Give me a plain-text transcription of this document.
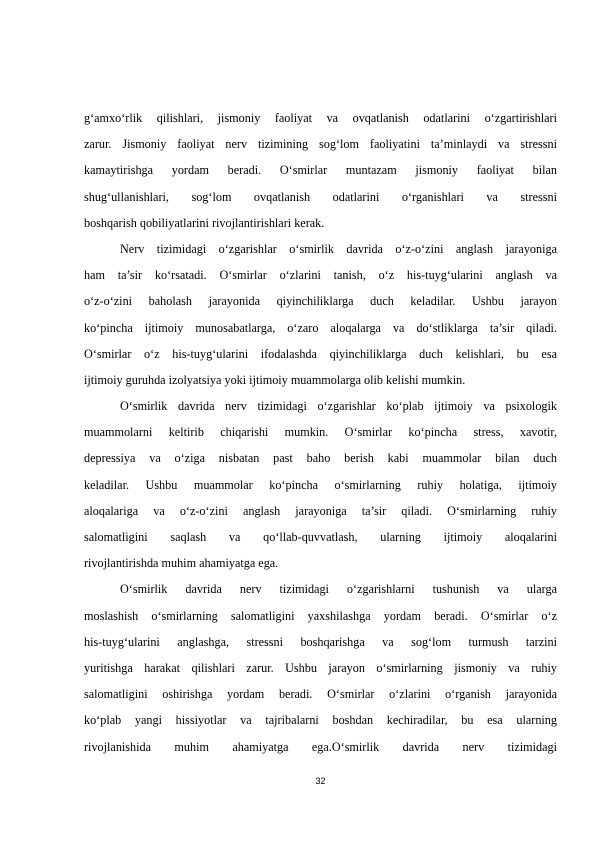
g‘amxo‘rlik qilishlari, jismoniy faoliyat va ovqatlanish odatlarini o‘zgartirishlari
zarur. Jismoniy faoliyat nerv tizimining sog‘lom faoliyatini ta’minlaydi va stressni
kamaytirishga yordam beradi. O‘smirlar muntazam jismoniy faoliyat bilan
shug‘ullanishlari, sog‘lom ovqatlanish odatlarini o‘rganishlari va stressni
boshqarish qobiliyatlarini rivojlantirishlari kerak.
Nerv tizimidagi o‘zgarishlar o‘smirlik davrida o‘z-o‘zini anglash jarayoniga
ham ta’sir ko‘rsatadi. O‘smirlar o‘zlarini tanish, o‘z his-tuyg‘ularini anglash va
o‘z-o‘zini baholash jarayonida qiyinchiliklarga duch keladilar. Ushbu jarayon
ko‘pincha ijtimoiy munosabatlarga, o‘zaro aloqalarga va do‘stliklarga ta’sir qiladi.
O‘smirlar o‘z his-tuyg‘ularini ifodalashda qiyinchiliklarga duch kelishlari, bu esa
ijtimoiy guruhda izolyatsiya yoki ijtimoiy muammolarga olib kelishi mumkin.
O‘smirlik davrida nerv tizimidagi o‘zgarishlar ko‘plab ijtimoiy va psixologik
muammolarni keltirib chiqarishi mumkin. O‘smirlar ko‘pincha stress, xavotir,
depressiya va o‘ziga nisbatan past baho berish kabi muammolar bilan duch
keladilar. Ushbu muammolar ko‘pincha o‘smirlarning ruhiy holatiga, ijtimoiy
aloqalariga va o‘z-o‘zini anglash jarayoniga ta’sir qiladi. O‘smirlarning ruhiy
salomatligini saqlash va qo‘llab-quvvatlash, ularning ijtimoiy aloqalarini
rivojlantirishda muhim ahamiyatga ega.
O‘smirlik davrida nerv tizimidagi o‘zgarishlarni tushunish va ularga
moslashish o‘smirlarning salomatligini yaxshilashga yordam beradi. O‘smirlar o‘z
his-tuyg‘ularini anglashga, stressni boshqarishga va sog‘lom turmush tarzini
yuritishga harakat qilishlari zarur. Ushbu jarayon o‘smirlarning jismoniy va ruhiy
salomatligini oshirishga yordam beradi. O‘smirlar o‘zlarini o‘rganish jarayonida
ko‘plab yangi hissiyotlar va tajribalarni boshdan kechiradilar, bu esa ularning
rivojlanishida muhim ahamiyatga ega.O‘smirlik davrida nerv tizimidagi
32
